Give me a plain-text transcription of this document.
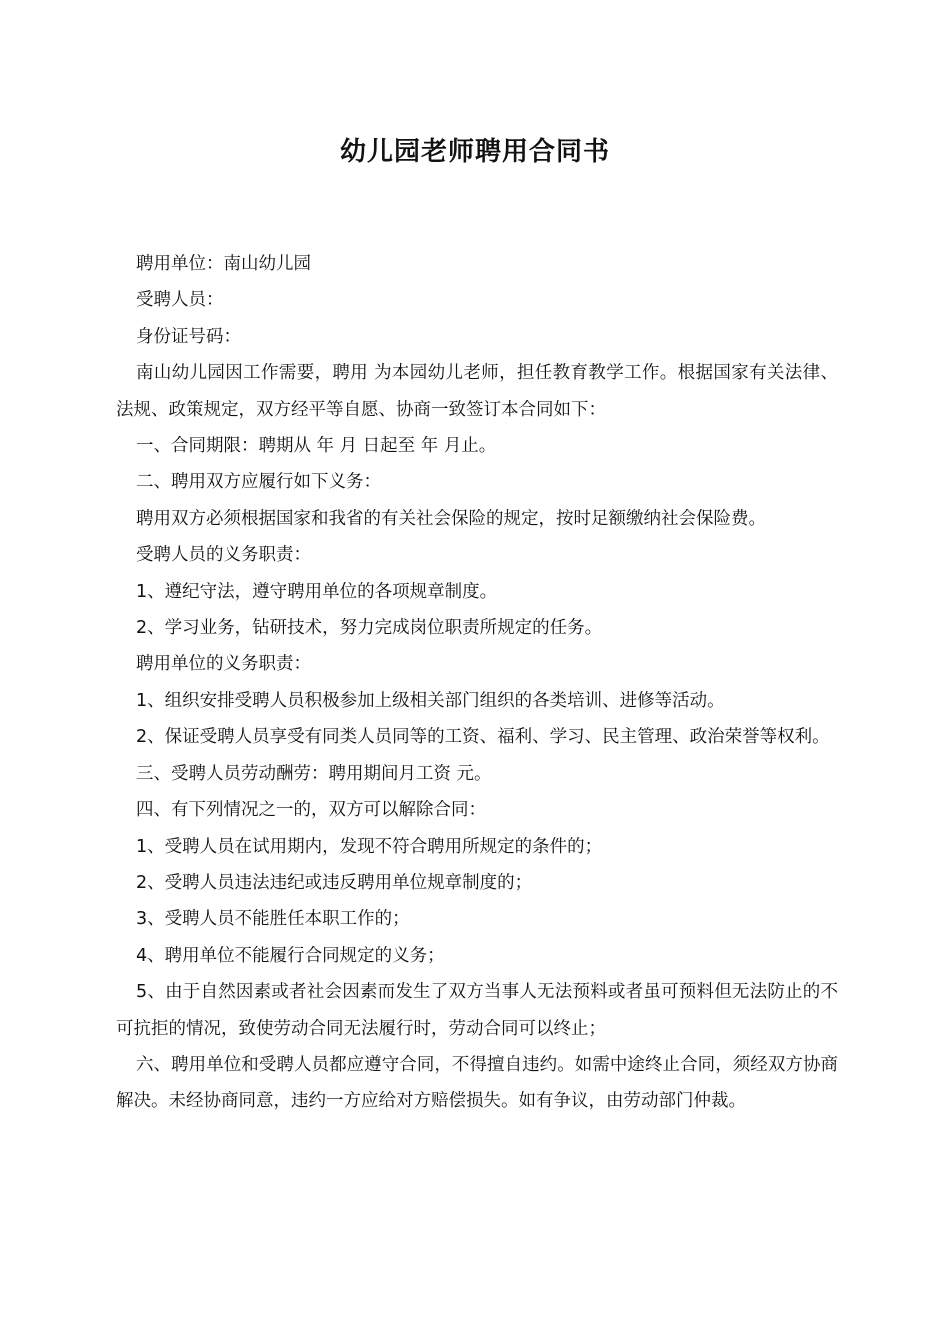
幼儿园老师聘用合同书

聘用单位：南山幼儿园

受聘人员：

身份证号码：

南山幼儿园因工作需要，聘用 为本园幼儿老师，担任教育教学工作。根据国家有关法律、法规、政策规定，双方经平等自愿、协商一致签订本合同如下：

一、合同期限：聘期从 年 月 日起至 年 月止。

二、聘用双方应履行如下义务：

聘用双方必须根据国家和我省的有关社会保险的规定，按时足额缴纳社会保险费。

受聘人员的义务职责：

1、遵纪守法，遵守聘用单位的各项规章制度。

2、学习业务，钻研技术，努力完成岗位职责所规定的任务。

聘用单位的义务职责：

1、组织安排受聘人员积极参加上级相关部门组织的各类培训、进修等活动。

2、保证受聘人员享受有同类人员同等的工资、福利、学习、民主管理、政治荣誉等权利。

三、受聘人员劳动酬劳：聘用期间月工资 元。

四、有下列情况之一的，双方可以解除合同：

1、受聘人员在试用期内，发现不符合聘用所规定的条件的；

2、受聘人员违法违纪或违反聘用单位规章制度的；

3、受聘人员不能胜任本职工作的；

4、聘用单位不能履行合同规定的义务；

5、由于自然因素或者社会因素而发生了双方当事人无法预料或者虽可预料但无法防止的不可抗拒的情况，致使劳动合同无法履行时，劳动合同可以终止；

六、聘用单位和受聘人员都应遵守合同，不得擅自违约。如需中途终止合同，须经双方协商解决。未经协商同意，违约一方应给对方赔偿损失。如有争议，由劳动部门仲裁。
